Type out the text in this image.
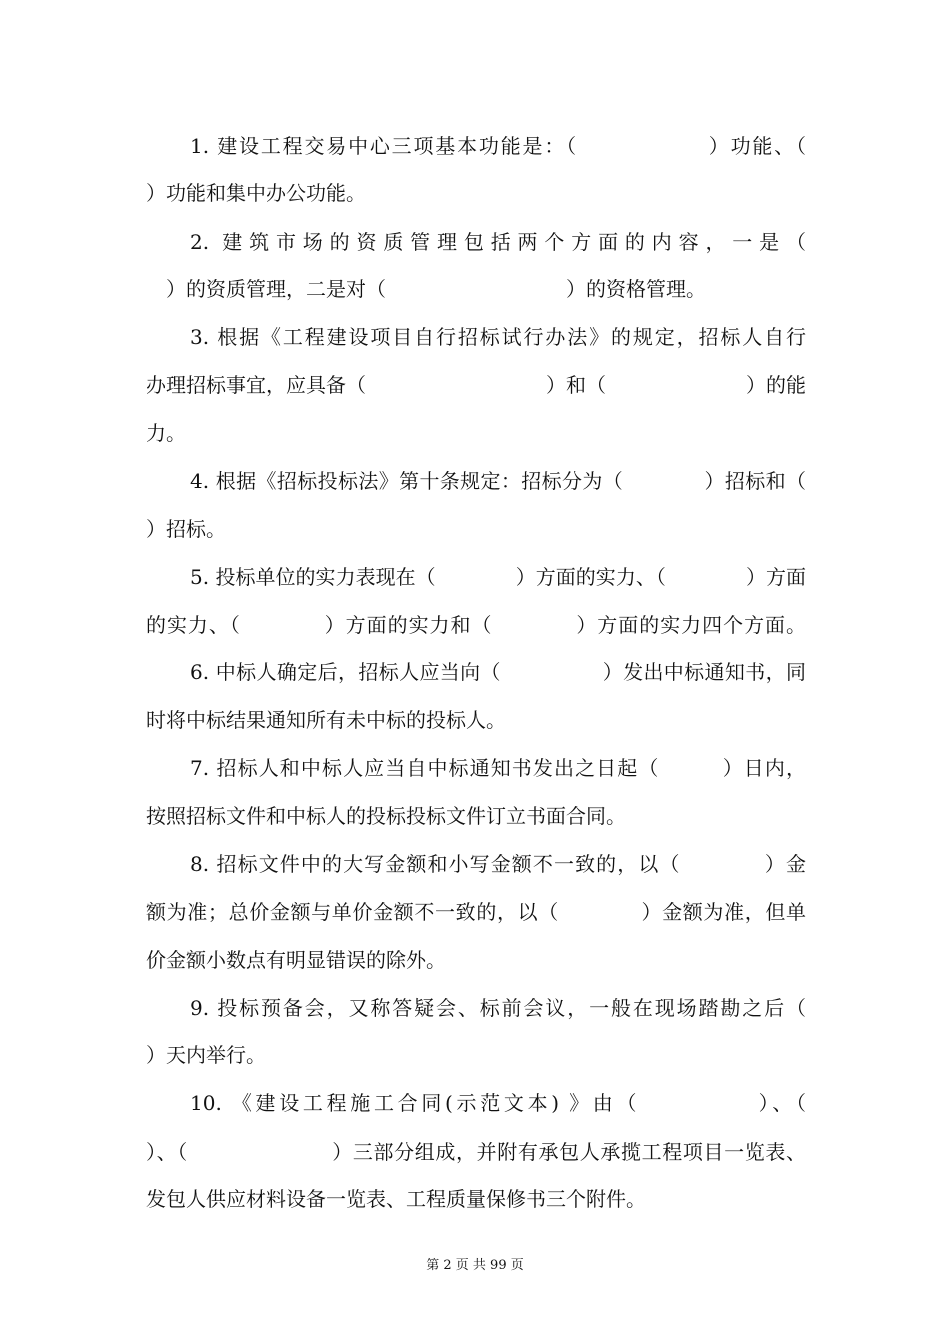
1. 建设工程交易中心三项基本功能是：（　　　　　　）功能、（
）功能和集中办公功能。
2. 建筑市场的资质管理包括两个方面的内容，一是（
）的资质管理，二是对（　　　　　　　　　）的资格管理。
3. 根据《工程建设项目自行招标试行办法》的规定，招标人自行
办理招标事宜，应具备（　　　　　　　　　）和（　　　　　　　）的能
力。
4. 根据《招标投标法》第十条规定：招标分为（　　　　）招标和（
）招标。
5. 投标单位的实力表现在（　　　　）方面的实力、（　　　　）方面
的实力、（　　　　）方面的实力和（　　　　）方面的实力四个方面。
6. 中标人确定后，招标人应当向（　　　　　）发出中标通知书，同
时将中标结果通知所有未中标的投标人。
7. 招标人和中标人应当自中标通知书发出之日起（　　　）日内，
按照招标文件和中标人的投标投标文件订立书面合同。
8. 招标文件中的大写金额和小写金额不一致的，以（　　　　）金
额为准；总价金额与单价金额不一致的，以（　　　　）金额为准，但单
价金额小数点有明显错误的除外。
9. 投标预备会，又称答疑会、标前会议，一般在现场踏勘之后（
）天内举行。
10. 《建设工程施工合同(示范文本) 》由（　　　　　）、（
）、（　　　　　　　）三部分组成，并附有承包人承揽工程项目一览表、
发包人供应材料设备一览表、工程质量保修书三个附件。
第 2 页 共 99 页
